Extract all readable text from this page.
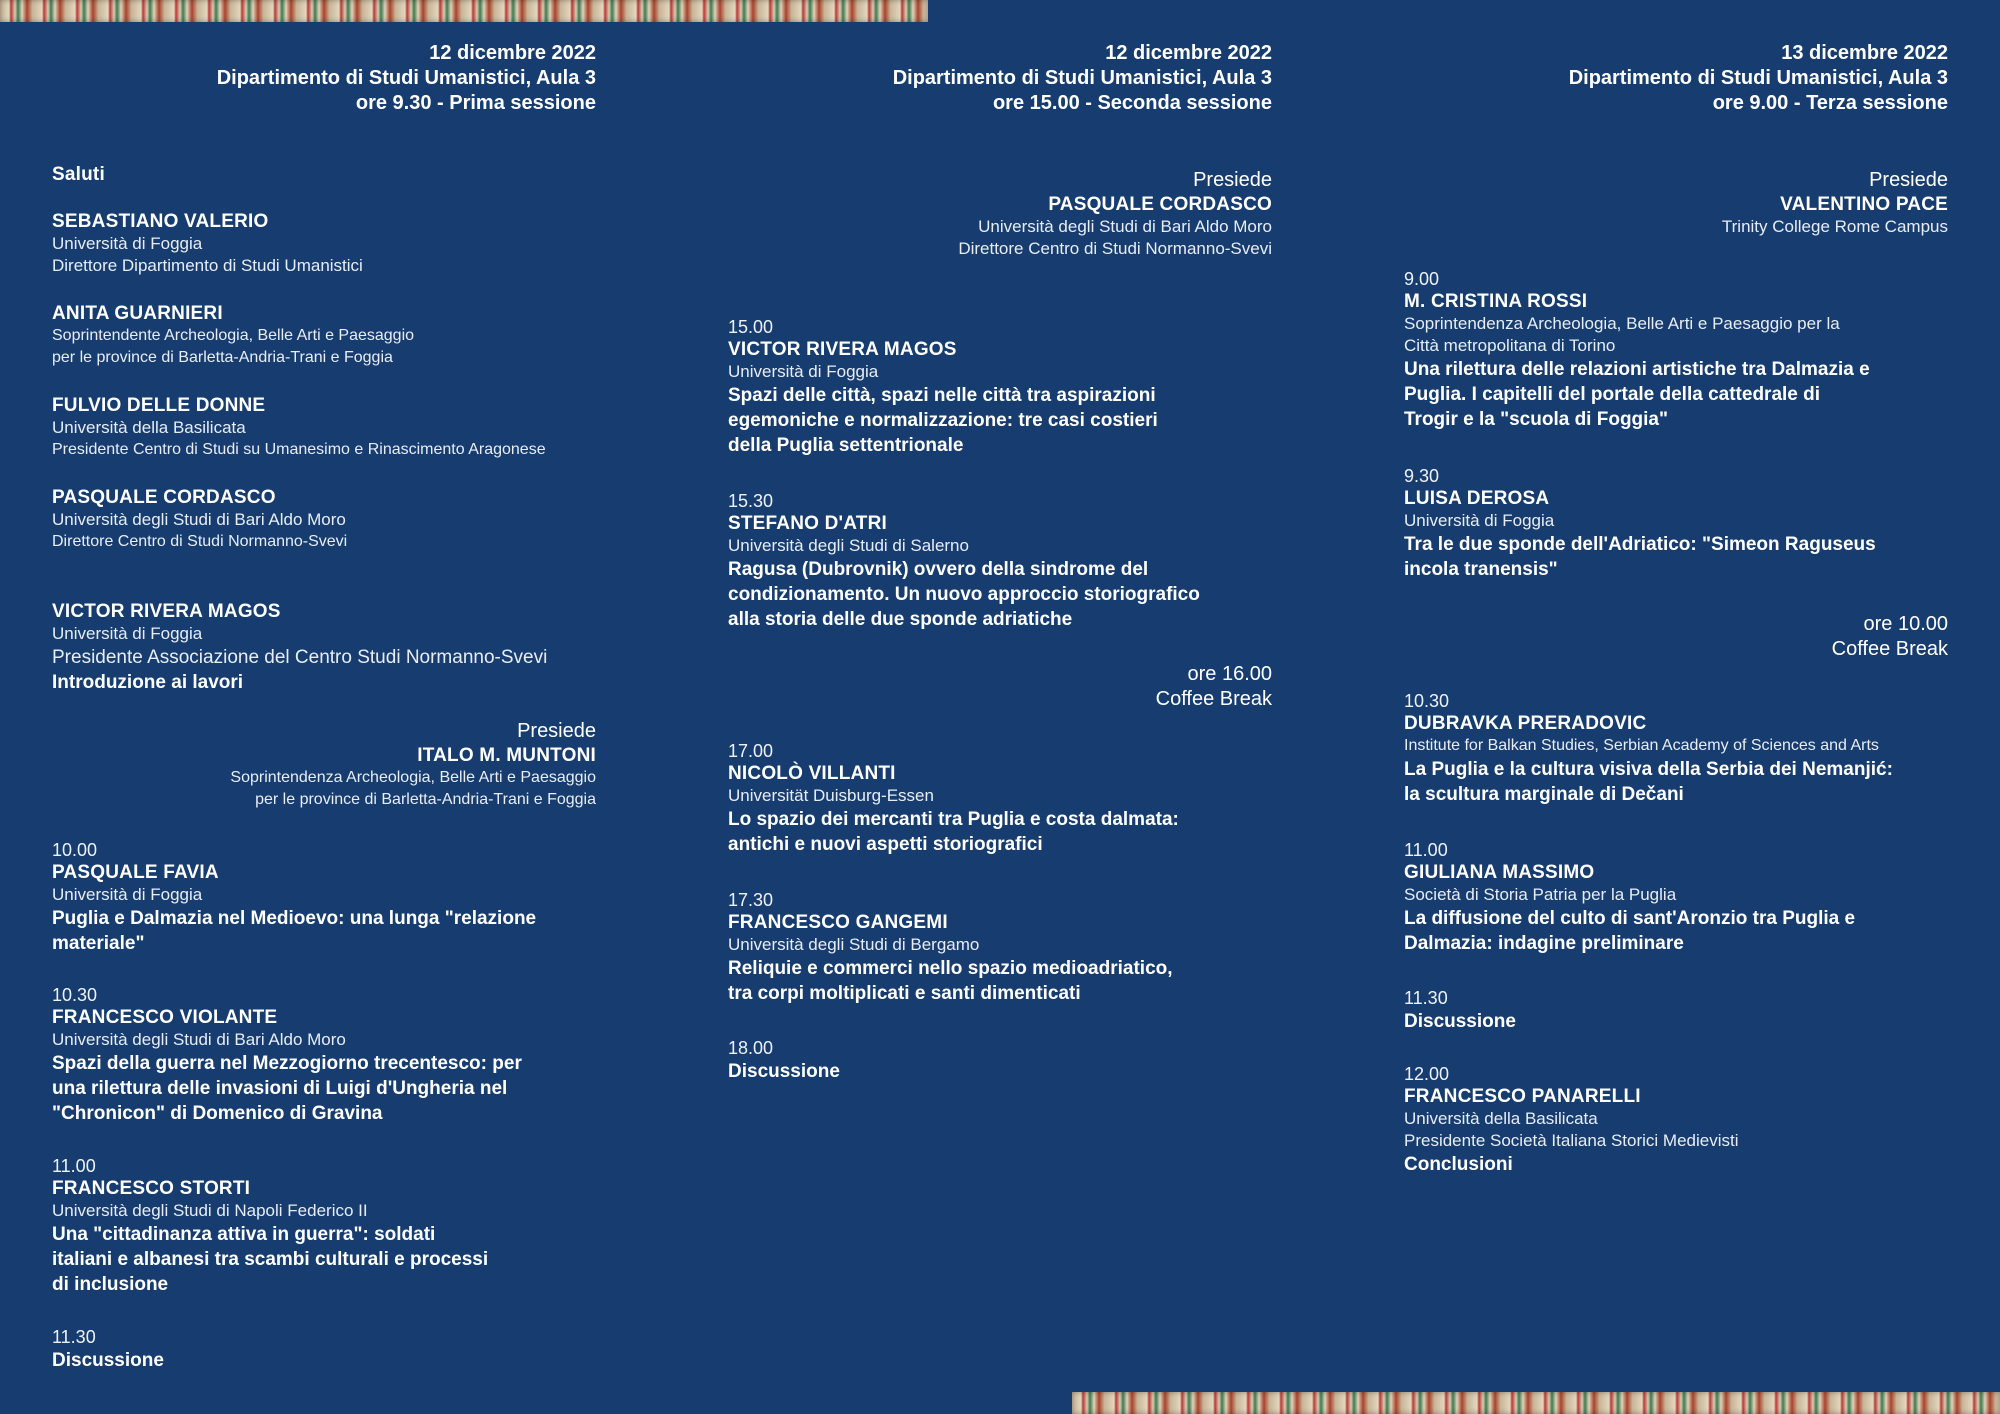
12 dicembre 2022
Dipartimento di Studi Umanistici, Aula 3
ore 9.30 - Prima sessione
Saluti
SEBASTIANO VALERIO
Università di Foggia
Direttore Dipartimento di Studi Umanistici
ANITA GUARNIERI
Soprintendente Archeologia, Belle Arti e Paesaggio
per le province di Barletta-Andria-Trani e Foggia
FULVIO DELLE DONNE
Università della Basilicata
Presidente Centro di Studi su Umanesimo e Rinascimento Aragonese
PASQUALE CORDASCO
Università degli Studi di Bari Aldo Moro
Direttore Centro di Studi Normanno-Svevi
VICTOR RIVERA MAGOS
Università di Foggia
Presidente Associazione del Centro Studi Normanno-Svevi
Introduzione ai lavori
Presiede
ITALO M. MUNTONI
Soprintendenza Archeologia, Belle Arti e Paesaggio
per le province di Barletta-Andria-Trani e Foggia
10.00
PASQUALE FAVIA
Università di Foggia
Puglia e Dalmazia nel Medioevo: una lunga "relazione
materiale"
10.30
FRANCESCO VIOLANTE
Università degli Studi di Bari Aldo Moro
Spazi della guerra nel Mezzogiorno trecentesco: per
una rilettura delle invasioni di Luigi d'Ungheria nel
"Chronicon" di Domenico di Gravina
11.00
FRANCESCO STORTI
Università degli Studi di Napoli Federico II
Una "cittadinanza attiva in guerra": soldati
italiani e albanesi tra scambi culturali e processi
di inclusione
11.30
Discussione
12 dicembre 2022
Dipartimento di Studi Umanistici, Aula 3
ore 15.00 - Seconda sessione
Presiede
PASQUALE CORDASCO
Università degli Studi di Bari Aldo Moro
Direttore Centro di Studi Normanno-Svevi
15.00
VICTOR RIVERA MAGOS
Università di Foggia
Spazi delle città, spazi nelle città tra aspirazioni
egemoniche e normalizzazione: tre casi costieri
della Puglia settentrionale
15.30
STEFANO D'ATRI
Università degli Studi di Salerno
Ragusa (Dubrovnik) ovvero della sindrome del
condizionamento. Un nuovo approccio storiografico
alla storia delle due sponde adriatiche
ore 16.00
Coffee Break
17.00
NICOLÒ VILLANTI
Universität Duisburg-Essen
Lo spazio dei mercanti tra Puglia e costa dalmata:
antichi e nuovi aspetti storiografici
17.30
FRANCESCO GANGEMI
Università degli Studi di Bergamo
Reliquie e commerci nello spazio medioadriatico,
tra corpi moltiplicati e santi dimenticati
18.00
Discussione
13 dicembre 2022
Dipartimento di Studi Umanistici, Aula 3
ore 9.00 - Terza sessione
Presiede
VALENTINO PACE
Trinity College Rome Campus
9.00
M. CRISTINA ROSSI
Soprintendenza Archeologia, Belle Arti e Paesaggio per la
Città metropolitana di Torino
Una rilettura delle relazioni artistiche tra Dalmazia e
Puglia. I capitelli del portale della cattedrale di
Trogir e la "scuola di Foggia"
9.30
LUISA DEROSA
Università di Foggia
Tra le due sponde dell'Adriatico: "Simeon Raguseus
incola tranensis"
ore 10.00
Coffee Break
10.30
DUBRAVKA PRERADOVIC
Institute for Balkan Studies, Serbian Academy of Sciences and Arts
La Puglia e la cultura visiva della Serbia dei Nemanjić:
la scultura marginale di Dečani
11.00
GIULIANA MASSIMO
Società di Storia Patria per la Puglia
La diffusione del culto di sant'Aronzio tra Puglia e
Dalmazia: indagine preliminare
11.30
Discussione
12.00
FRANCESCO PANARELLI
Università della Basilicata
Presidente Società Italiana Storici Medievisti
Conclusioni
